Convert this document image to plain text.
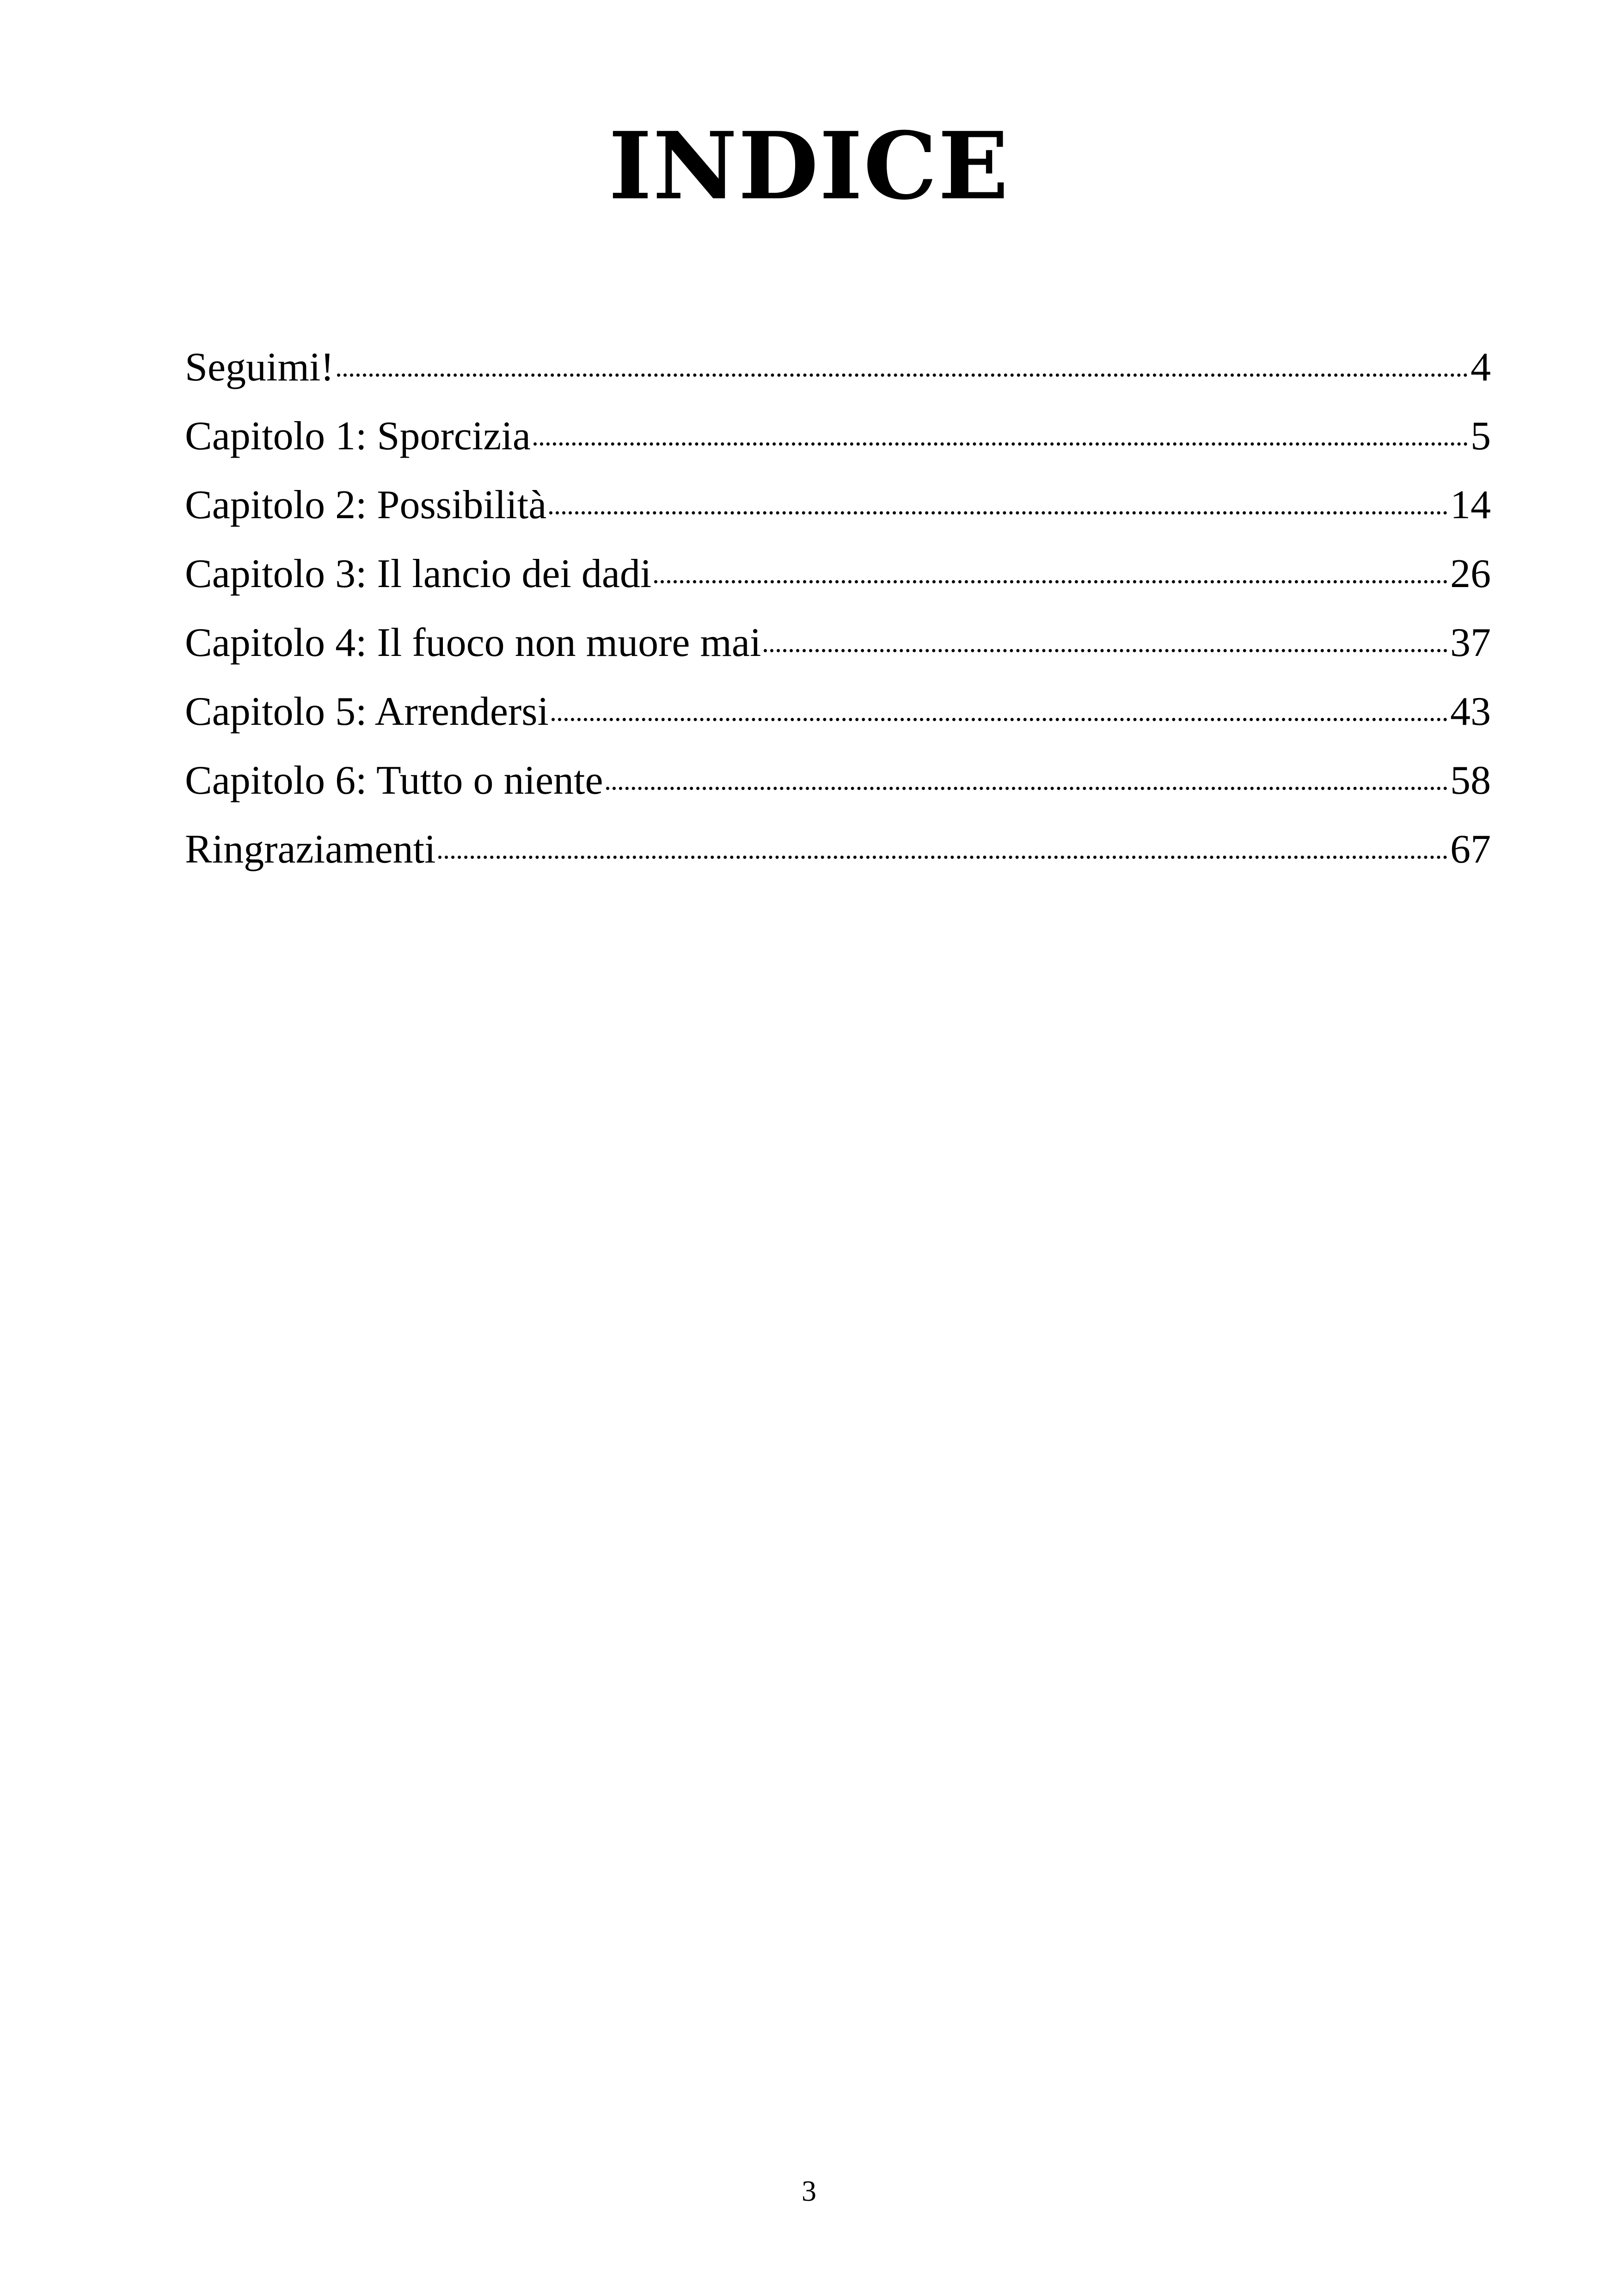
INDICE
Seguimi!	4
Capitolo 1: Sporcizia	5
Capitolo 2: Possibilità	14
Capitolo 3: Il lancio dei dadi	26
Capitolo 4: Il fuoco non muore mai	37
Capitolo 5: Arrendersi	43
Capitolo 6: Tutto o niente	58
Ringraziamenti	67
3
